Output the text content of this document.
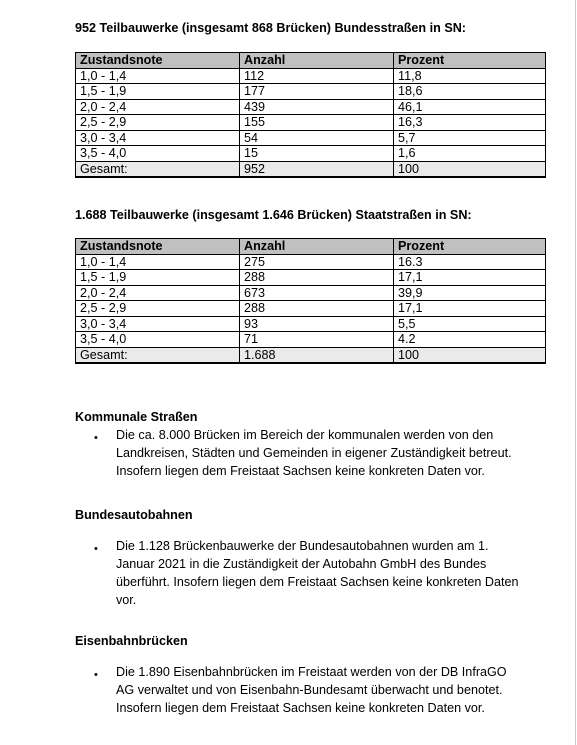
952 Teilbauwerke (insgesamt 868 Brücken) Bundesstraßen in SN:
Zustandsnote	Anzahl	Prozent
1,0 - 1,4	112	11,8
1,5 - 1,9	177	18,6
2,0 - 2,4	439	46,1
2,5 - 2,9	155	16,3
3,0 - 3,4	54	5,7
3,5 - 4,0	15	1,6
Gesamt:	952	100
1.688 Teilbauwerke (insgesamt 1.646 Brücken) Staatstraßen in SN:
Zustandsnote	Anzahl	Prozent
1,0 - 1,4	275	16.3
1,5 - 1,9	288	17,1
2,0 - 2,4	673	39,9
2,5 - 2,9	288	17,1
3,0 - 3,4	93	5,5
3,5 - 4,0	71	4.2
Gesamt:	1.688	100
Kommunale Straßen
• Die ca. 8.000 Brücken im Bereich der kommunalen werden von den
Landkreisen, Städten und Gemeinden in eigener Zuständigkeit betreut.
Insofern liegen dem Freistaat Sachsen keine konkreten Daten vor.
Bundesautobahnen
• Die 1.128 Brückenbauwerke der Bundesautobahnen wurden am 1.
Januar 2021 in die Zuständigkeit der Autobahn GmbH des Bundes
überführt. Insofern liegen dem Freistaat Sachsen keine konkreten Daten
vor.
Eisenbahnbrücken
• Die 1.890 Eisenbahnbrücken im Freistaat werden von der DB InfraGO
AG verwaltet und von Eisenbahn-Bundesamt überwacht und benotet.
Insofern liegen dem Freistaat Sachsen keine konkreten Daten vor.
